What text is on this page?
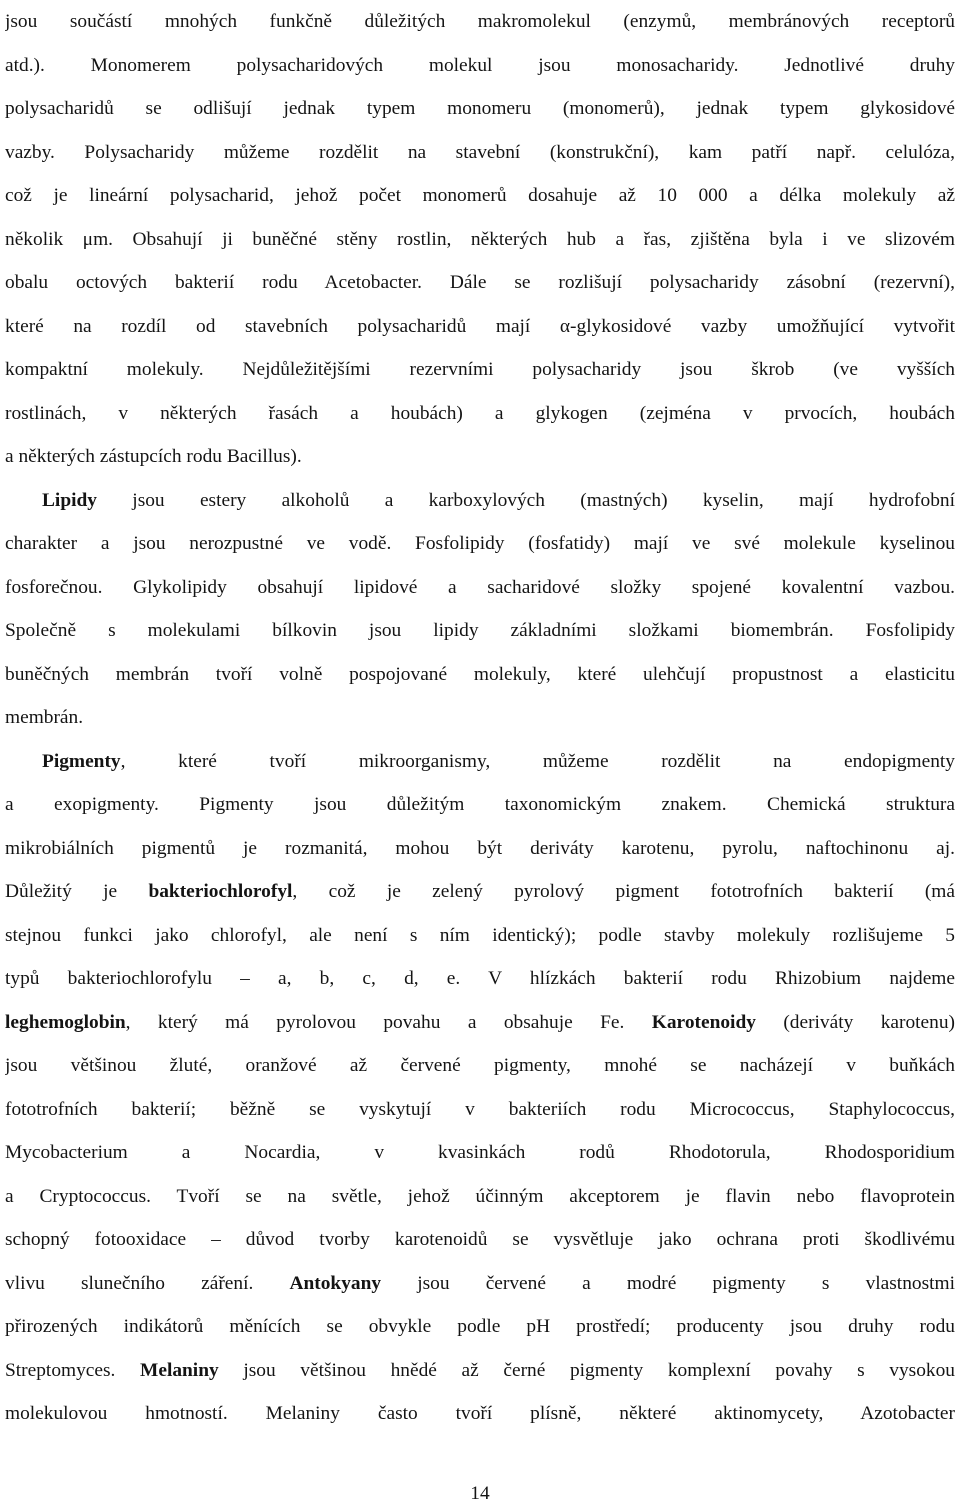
jsou součástí mnohých funkčně důležitých makromolekul (enzymů, membránových receptorů
atd.). Monomerem polysacharidových molekul jsou monosacharidy. Jednotlivé druhy
polysacharidů se odlišují jednak typem monomeru (monomerů), jednak typem glykosidové
vazby. Polysacharidy můžeme rozdělit na stavební (konstrukční), kam patří např. celulóza,
což je lineární polysacharid, jehož počet monomerů dosahuje až 10 000 a délka molekuly až
několik μm. Obsahují ji buněčné stěny rostlin, některých hub a řas, zjištěna byla i ve slizovém
obalu octových bakterií rodu Acetobacter. Dále se rozlišují polysacharidy zásobní (rezervní),
které na rozdíl od stavebních polysacharidů mají α-glykosidové vazby umožňující vytvořit
kompaktní molekuly. Nejdůležitějšími rezervními polysacharidy jsou škrob (ve vyšších
rostlinách, v některých řasách a houbách) a glykogen (zejména v prvocích, houbách
a některých zástupcích rodu Bacillus).
Lipidy jsou estery alkoholů a karboxylových (mastných) kyselin, mají hydrofobní
charakter a jsou nerozpustné ve vodě. Fosfolipidy (fosfatidy) mají ve své molekule kyselinou
fosforečnou. Glykolipidy obsahují lipidové a sacharidové složky spojené kovalentní vazbou.
Společně s molekulami bílkovin jsou lipidy základními složkami biomembrán. Fosfolipidy
buněčných membrán tvoří volně pospojované molekuly, které ulehčují propustnost a elasticitu
membrán.
Pigmenty, které tvoří mikroorganismy, můžeme rozdělit na endopigmenty
a exopigmenty. Pigmenty jsou důležitým taxonomickým znakem. Chemická struktura
mikrobiálních pigmentů je rozmanitá, mohou být deriváty karotenu, pyrolu, naftochinonu aj.
Důležitý je bakteriochlorofyl, což je zelený pyrolový pigment fototrofních bakterií (má
stejnou funkci jako chlorofyl, ale není s ním identický); podle stavby molekuly rozlišujeme 5
typů bakteriochlorofylu – a, b, c, d, e. V hlízkách bakterií rodu Rhizobium najdeme
leghemoglobin, který má pyrolovou povahu a obsahuje Fe. Karotenoidy (deriváty karotenu)
jsou většinou žluté, oranžové až červené pigmenty, mnohé se nacházejí v buňkách
fototrofních bakterií; běžně se vyskytují v bakteriích rodu Micrococcus, Staphylococcus,
Mycobacterium a Nocardia, v kvasinkách rodů Rhodotorula, Rhodosporidium
a Cryptococcus. Tvoří se na světle, jehož účinným akceptorem je flavin nebo flavoprotein
schopný fotooxidace – důvod tvorby karotenoidů se vysvětluje jako ochrana proti škodlivému
vlivu slunečního záření. Antokyany jsou červené a modré pigmenty s vlastnostmi
přirozených indikátorů měnících se obvykle podle pH prostředí; producenty jsou druhy rodu
Streptomyces. Melaniny jsou většinou hnědé až černé pigmenty komplexní povahy s vysokou
molekulovou hmotností. Melaniny často tvoří plísně, některé aktinomycety, Azotobacter
14
